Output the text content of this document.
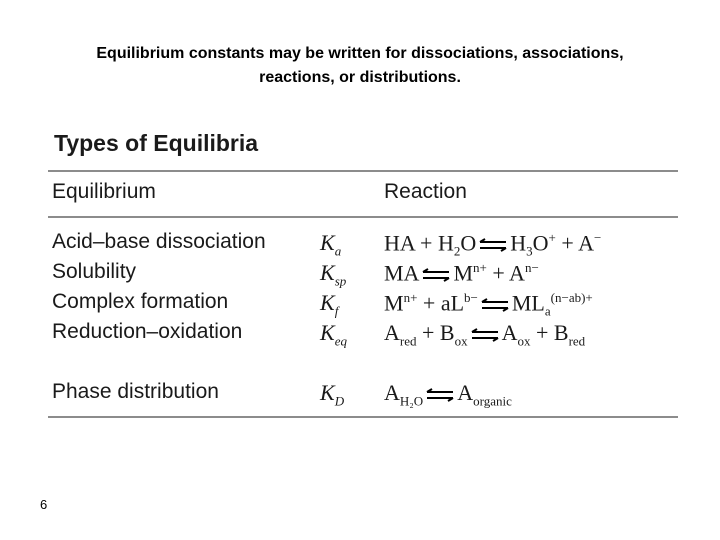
Equilibrium constants may be written for dissociations, associations,
reactions, or distributions.
Types of Equilibria
Equilibrium	Reaction
Acid–base dissociation $K_a$ HA + $H_2O$ ⇌ $H_3O^+ + A^-$
Solubility	$K_{sp}$ MA ⇌ $M^{n+} + A^{n-}$
Complex formation	$K_f$ $M^{n+} + aL^{b-}$ ⇌ $ML_a^{(n-ab)+}$
Reduction–oxidation	$K_{eq}$ $A_{red} + B_{ox}$ ⇌ $A_{ox} + B_{red}$
Phase distribution	$K_D$ $A_{H_2O}$ ⇌ $A_{organic}$
6
